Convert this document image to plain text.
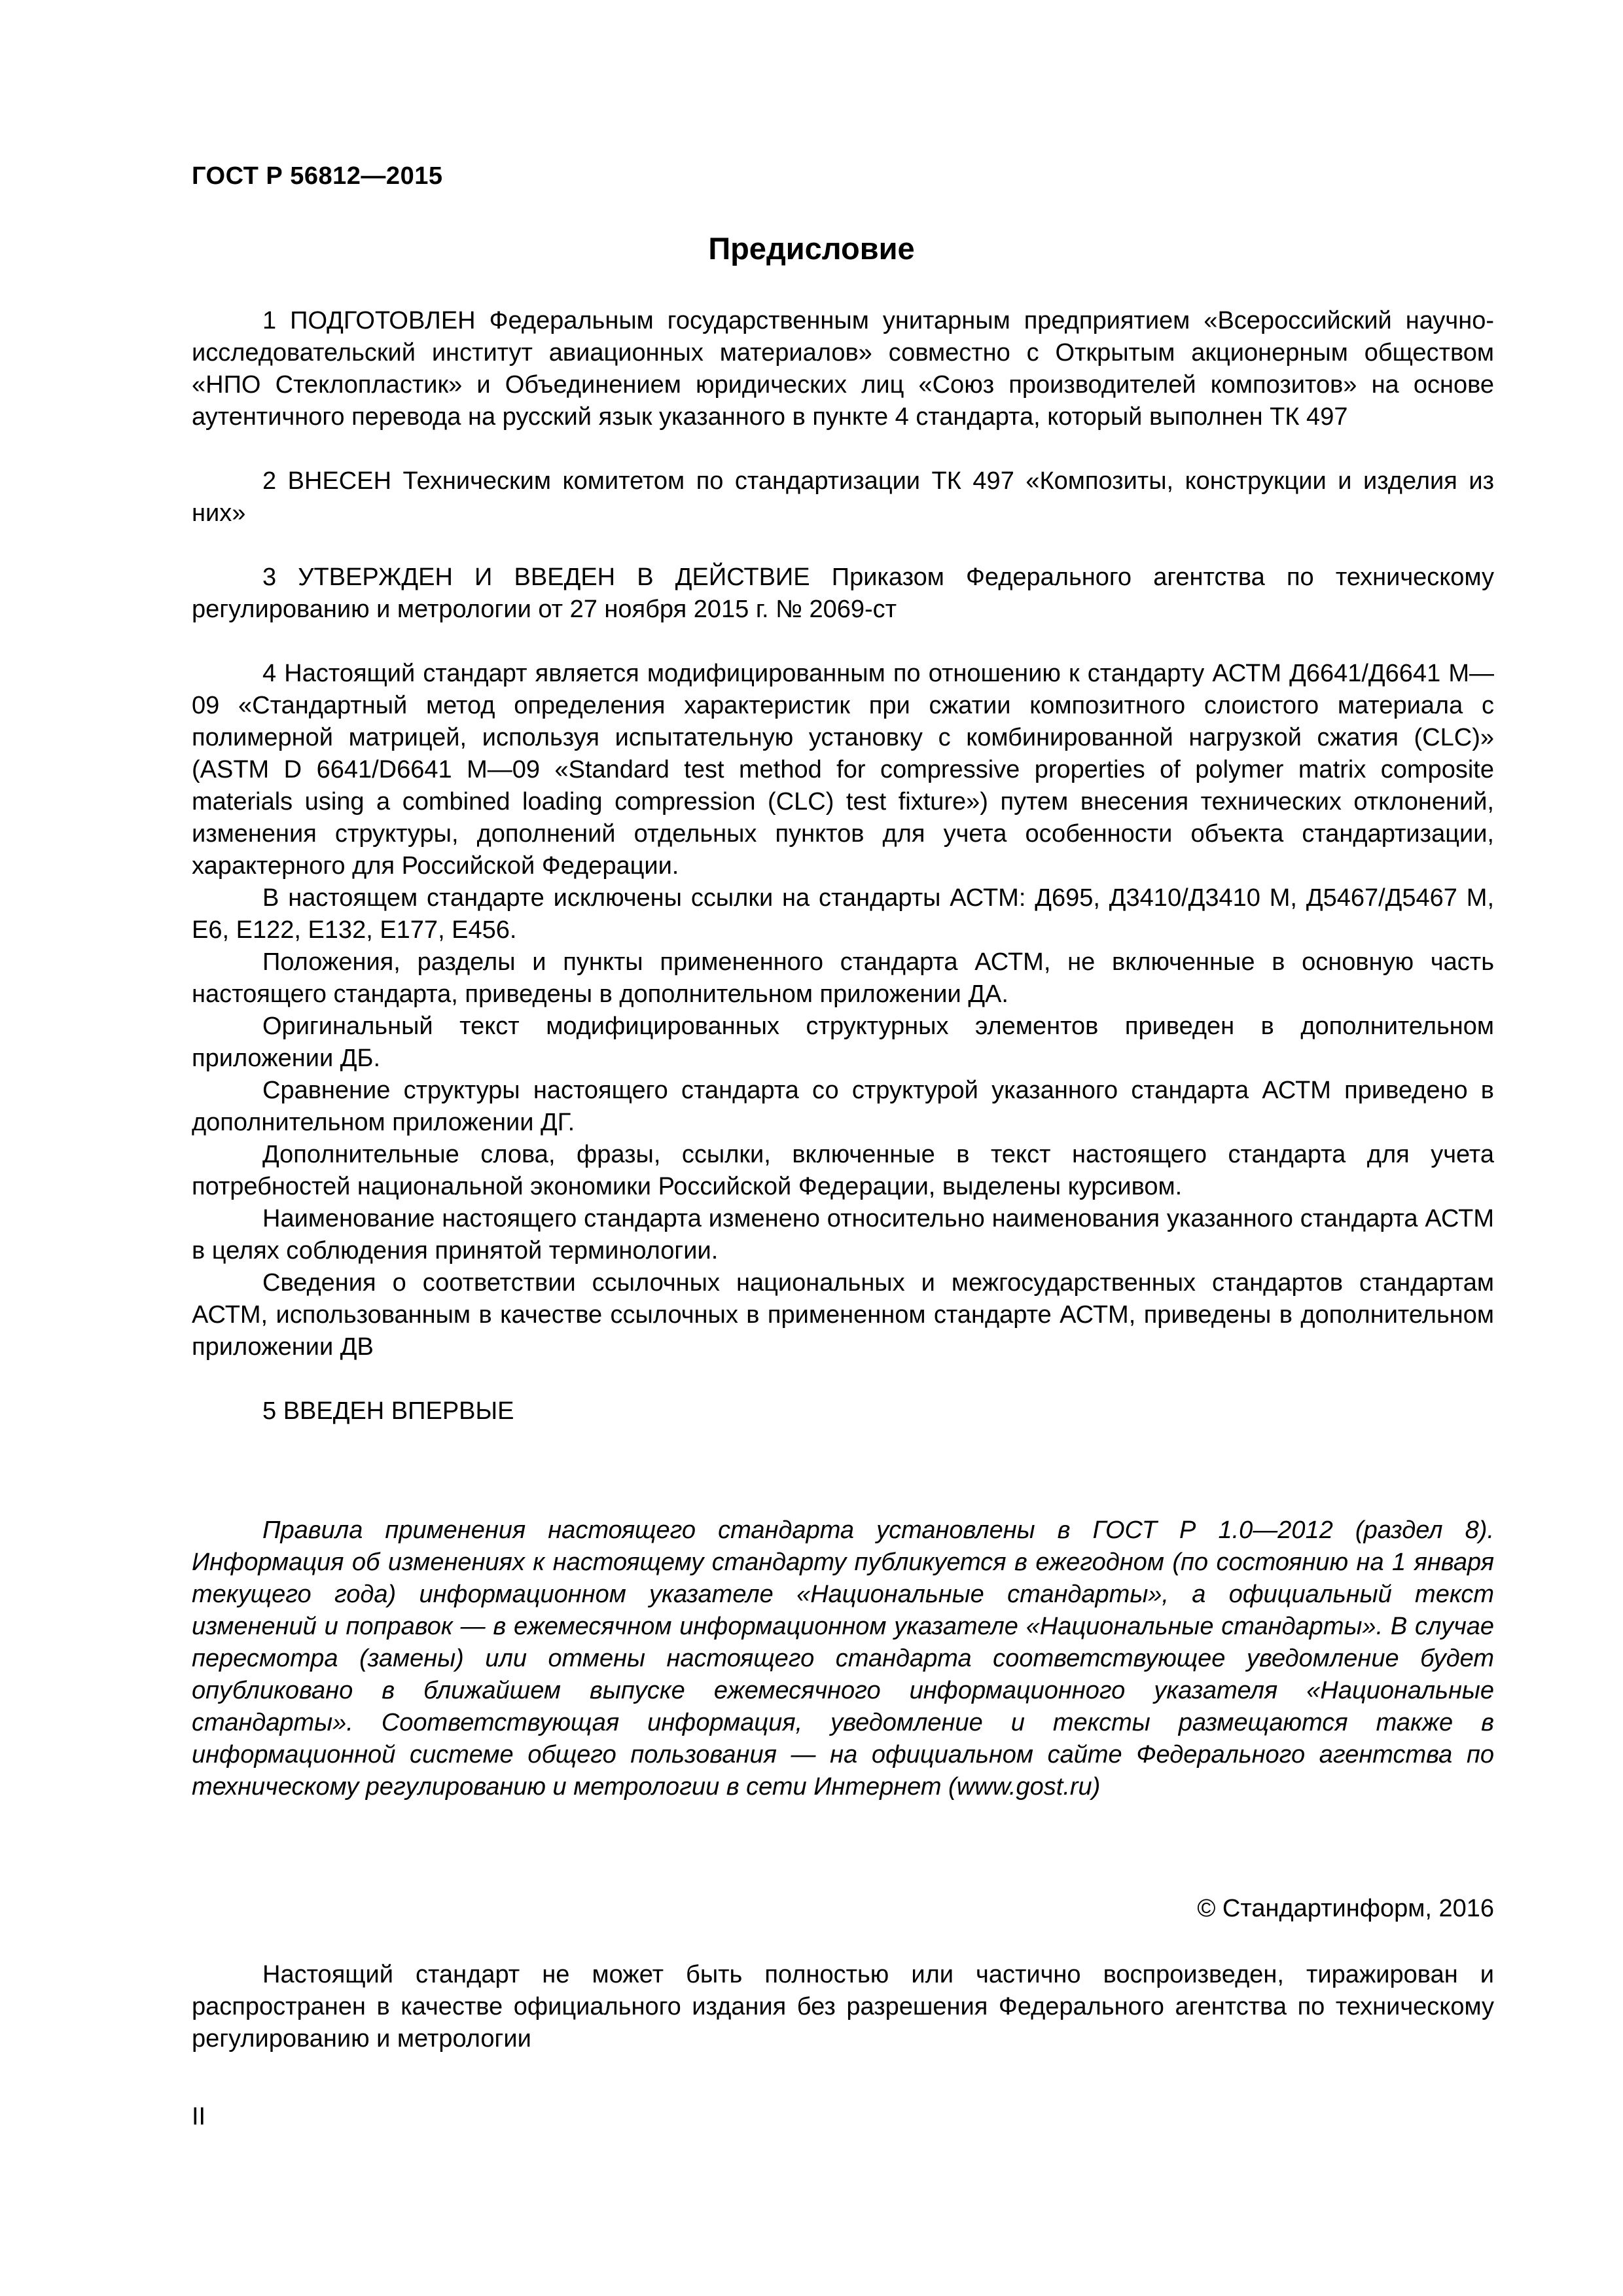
ГОСТ Р 56812—2015
Предисловие

1 ПОДГОТОВЛЕН Федеральным государственным унитарным предприятием «Всероссийский научно-исследовательский институт авиационных материалов» совместно с Открытым акционерным обществом «НПО Стеклопластик» и Объединением юридических лиц «Союз производителей композитов» на основе аутентичного перевода на русский язык указанного в пункте 4 стандарта, который выполнен ТК 497

2 ВНЕСЕН Техническим комитетом по стандартизации ТК 497 «Композиты, конструкции и изделия из них»

3 УТВЕРЖДЕН И ВВЕДЕН В ДЕЙСТВИЕ Приказом Федерального агентства по техническому регулированию и метрологии от 27 ноября 2015 г. № 2069-ст

4 Настоящий стандарт является модифицированным по отношению к стандарту АСТМ Д6641/Д6641 М—09 «Стандартный метод определения характеристик при сжатии композитного слоистого материала с полимерной матрицей, используя испытательную установку с комбинированной нагрузкой сжатия (CLC)» (ASTM D 6641/D6641 M—09 «Standard test method for compressive properties of polymer matrix composite materials using a combined loading compression (CLC) test fixture») путем внесения технических отклонений, изменения структуры, дополнений отдельных пунктов для учета особенности объекта стандартизации, характерного для Российской Федерации.

В настоящем стандарте исключены ссылки на стандарты АСТМ: Д695, Д3410/Д3410 М, Д5467/Д5467 М, Е6, Е122, Е132, Е177, Е456.

Положения, разделы и пункты примененного стандарта АСТМ, не включенные в основную часть настоящего стандарта, приведены в дополнительном приложении ДА.

Оригинальный текст модифицированных структурных элементов приведен в дополнительном приложении ДБ.

Сравнение структуры настоящего стандарта со структурой указанного стандарта АСТМ приведено в дополнительном приложении ДГ.

Дополнительные слова, фразы, ссылки, включенные в текст настоящего стандарта для учета потребностей национальной экономики Российской Федерации, выделены курсивом.

Наименование настоящего стандарта изменено относительно наименования указанного стандарта АСТМ в целях соблюдения принятой терминологии.

Сведения о соответствии ссылочных национальных и межгосударственных стандартов стандартам АСТМ, использованным в качестве ссылочных в примененном стандарте АСТМ, приведены в дополнительном приложении ДВ

5 ВВЕДЕН ВПЕРВЫЕ

Правила применения настоящего стандарта установлены в ГОСТ Р 1.0—2012 (раздел 8). Информация об изменениях к настоящему стандарту публикуется в ежегодном (по состоянию на 1 января текущего года) информационном указателе «Национальные стандарты», а официальный текст изменений и поправок — в ежемесячном информационном указателе «Национальные стандарты». В случае пересмотра (замены) или отмены настоящего стандарта соответствующее уведомление будет опубликовано в ближайшем выпуске ежемесячного информационного указателя «Национальные стандарты». Соответствующая информация, уведомление и тексты размещаются также в информационной системе общего пользования — на официальном сайте Федерального агентства по техническому регулированию и метрологии в сети Интернет (www.gost.ru)

© Стандартинформ, 2016

Настоящий стандарт не может быть полностью или частично воспроизведен, тиражирован и распространен в качестве официального издания без разрешения Федерального агентства по техническому регулированию и метрологии

II
